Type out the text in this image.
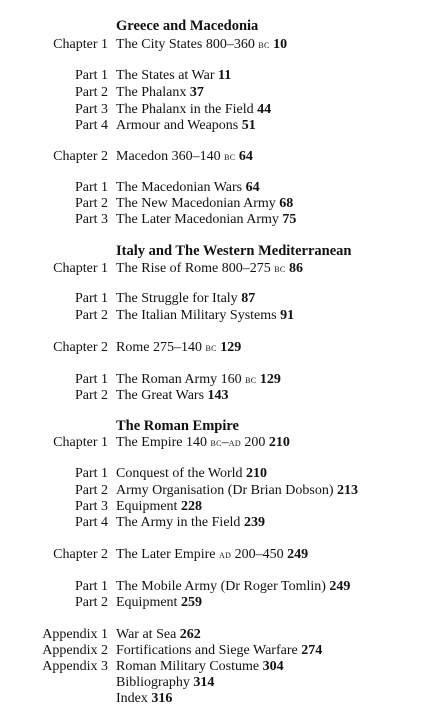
Greece and Macedonia
Chapter 1 The City States 800–360 bc 10
Part 1 The States at War 11
Part 2 The Phalanx 37
Part 3 The Phalanx in the Field 44
Part 4 Armour and Weapons 51
Chapter 2 Macedon 360–140 bc 64
Part 1 The Macedonian Wars 64
Part 2 The New Macedonian Army 68
Part 3 The Later Macedonian Army 75
Italy and The Western Mediterranean
Chapter 1 The Rise of Rome 800–275 bc 86
Part 1 The Struggle for Italy 87
Part 2 The Italian Military Systems 91
Chapter 2 Rome 275–140 bc 129
Part 1 The Roman Army 160 bc 129
Part 2 The Great Wars 143
The Roman Empire
Chapter 1 The Empire 140 bc–ad 200 210
Part 1 Conquest of the World 210
Part 2 Army Organisation (Dr Brian Dobson) 213
Part 3 Equipment 228
Part 4 The Army in the Field 239
Chapter 2 The Later Empire ad 200–450 249
Part 1 The Mobile Army (Dr Roger Tomlin) 249
Part 2 Equipment 259
Appendix 1 War at Sea 262
Appendix 2 Fortifications and Siege Warfare 274
Appendix 3 Roman Military Costume 304
Bibliography 314
Index 316
